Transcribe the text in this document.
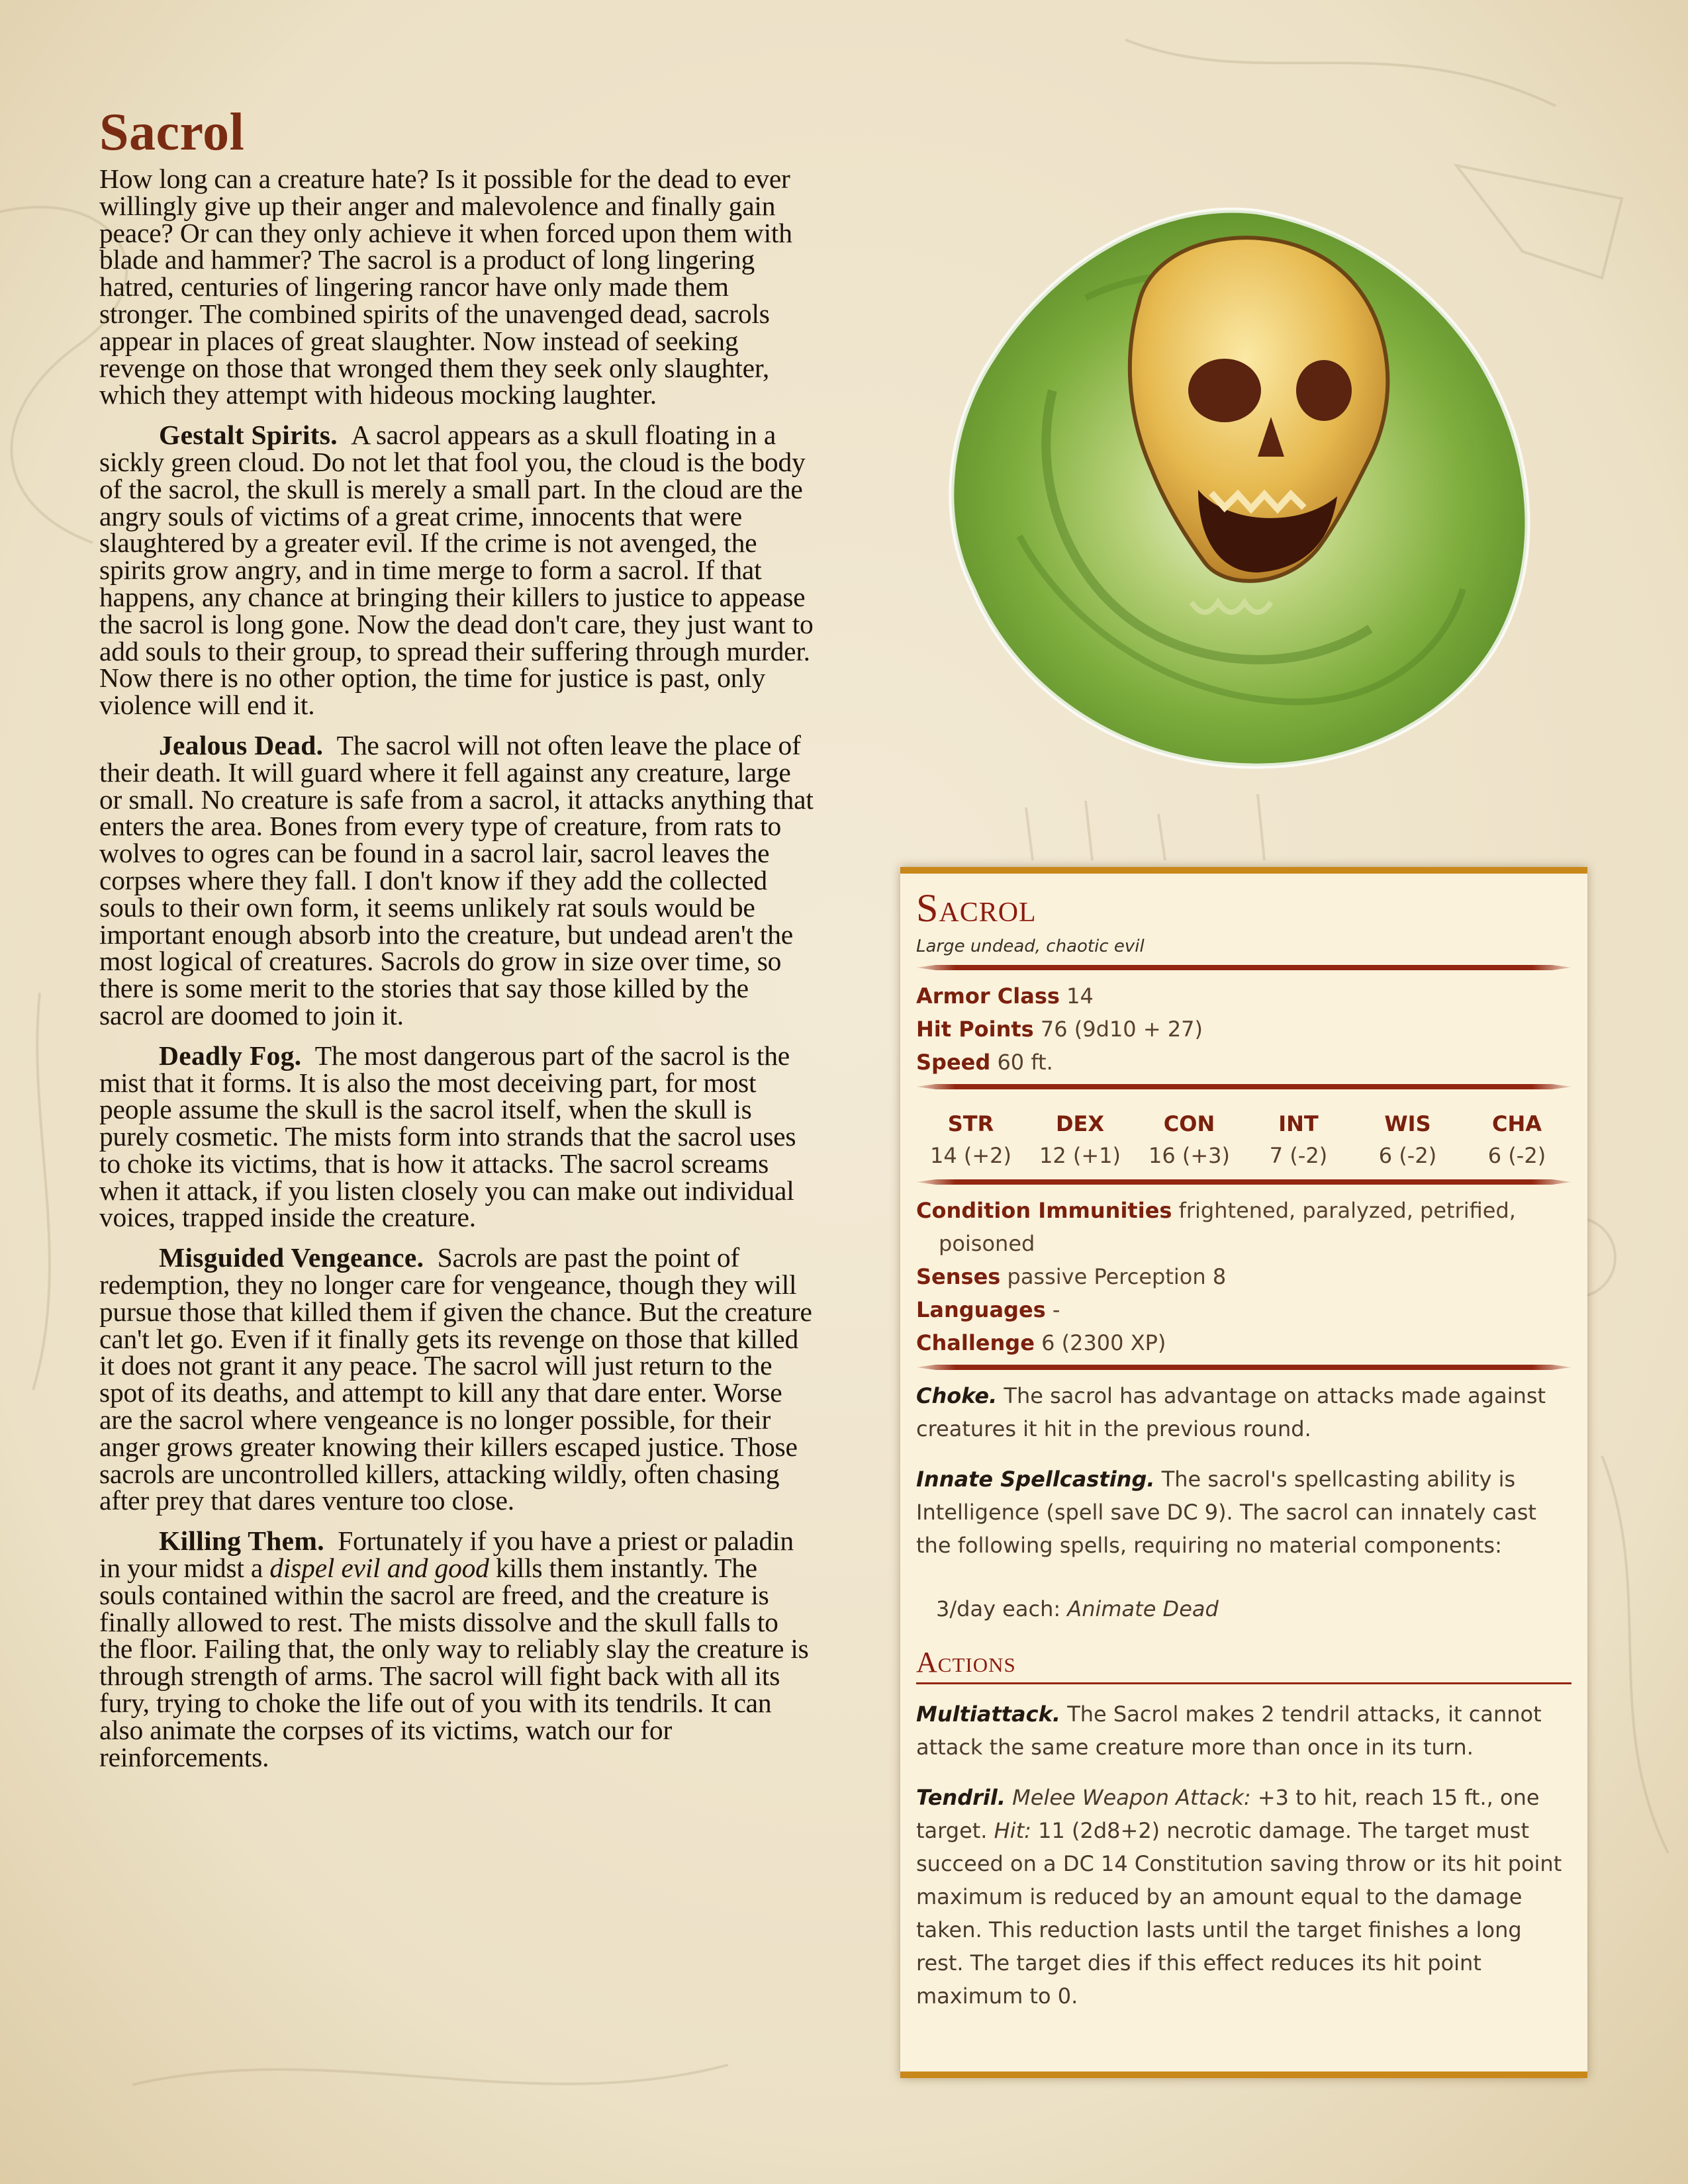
Sacrol

How long can a creature hate? Is it possible for the dead to ever willingly give up their anger and malevolence and finally gain peace? Or can they only achieve it when forced upon them with blade and hammer? The sacrol is a product of long lingering hatred, centuries of lingering rancor have only made them stronger. The combined spirits of the unavenged dead, sacrols appear in places of great slaughter. Now instead of seeking revenge on those that wronged them they seek only slaughter, which they attempt with hideous mocking laughter.

Gestalt Spirits. A sacrol appears as a skull floating in a sickly green cloud. Do not let that fool you, the cloud is the body of the sacrol, the skull is merely a small part. In the cloud are the angry souls of victims of a great crime, innocents that were slaughtered by a greater evil. If the crime is not avenged, the spirits grow angry, and in time merge to form a sacrol. If that happens, any chance at bringing their killers to justice to appease the sacrol is long gone. Now the dead don't care, they just want to add souls to their group, to spread their suffering through murder. Now there is no other option, the time for justice is past, only violence will end it.

Jealous Dead. The sacrol will not often leave the place of their death. It will guard where it fell against any creature, large or small. No creature is safe from a sacrol, it attacks anything that enters the area. Bones from every type of creature, from rats to wolves to ogres can be found in a sacrol lair, sacrol leaves the corpses where they fall. I don't know if they add the collected souls to their own form, it seems unlikely rat souls would be important enough absorb into the creature, but undead aren't the most logical of creatures. Sacrols do grow in size over time, so there is some merit to the stories that say those killed by the sacrol are doomed to join it.

Deadly Fog. The most dangerous part of the sacrol is the mist that it forms. It is also the most deceiving part, for most people assume the skull is the sacrol itself, when the skull is purely cosmetic. The mists form into strands that the sacrol uses to choke its victims, that is how it attacks. The sacrol screams when it attack, if you listen closely you can make out individual voices, trapped inside the creature.

Misguided Vengeance. Sacrols are past the point of redemption, they no longer care for vengeance, though they will pursue those that killed them if given the chance. But the creature can't let go. Even if it finally gets its revenge on those that killed it does not grant it any peace. The sacrol will just return to the spot of its deaths, and attempt to kill any that dare enter. Worse are the sacrol where vengeance is no longer possible, for their anger grows greater knowing their killers escaped justice. Those sacrols are uncontrolled killers, attacking wildly, often chasing after prey that dares venture too close.

Killing Them. Fortunately if you have a priest or paladin in your midst a dispel evil and good kills them instantly. The souls contained within the sacrol are freed, and the creature is finally allowed to rest. The mists dissolve and the skull falls to the floor. Failing that, the only way to reliably slay the creature is through strength of arms. The sacrol will fight back with all its fury, trying to choke the life out of you with its tendrils. It can also animate the corpses of its victims, watch our for reinforcements.

Sacrol
Large undead, chaotic evil
Armor Class 14
Hit Points 76 (9d10 + 27)
Speed 60 ft.
STR
14 (+2)
DEX
12 (+1)
CON
16 (+3)
INT
7 (-2)
WIS
6 (-2)
CHA
6 (-2)
Condition Immunities frightened, paralyzed, petrified, poisoned
Senses passive Perception 8
Languages -
Challenge 6 (2300 XP)

Choke. The sacrol has advantage on attacks made against creatures it hit in the previous round.

Innate Spellcasting. The sacrol's spellcasting ability is Intelligence (spell save DC 9). The sacrol can innately cast the following spells, requiring no material components:

3/day each: Animate Dead
Actions

Multiattack. The Sacrol makes 2 tendril attacks, it cannot attack the same creature more than once in its turn.

Tendril. Melee Weapon Attack: +3 to hit, reach 15 ft., one target. Hit: 11 (2d8+2) necrotic damage. The target must succeed on a DC 14 Constitution saving throw or its hit point maximum is reduced by an amount equal to the damage taken. This reduction lasts until the target finishes a long rest. The target dies if this effect reduces its hit point maximum to 0.
